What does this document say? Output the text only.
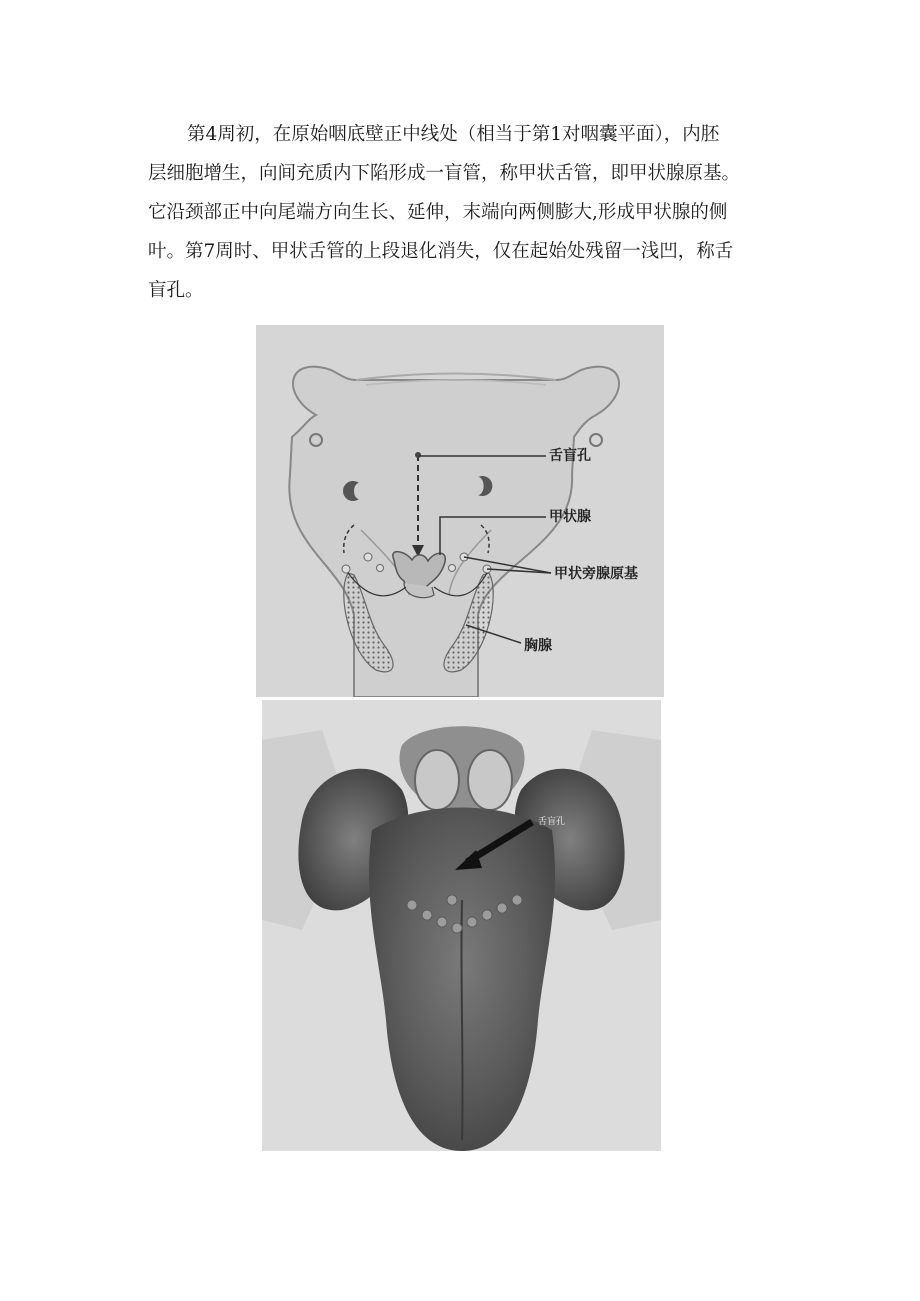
第4周初，在原始咽底壁正中线处（相当于第1对咽囊平面），内胚
层细胞增生，向间充质内下陷形成一盲管，称甲状舌管，即甲状腺原基。
它沿颈部正中向尾端方向生长、延伸，末端向两侧膨大,形成甲状腺的侧
叶。第7周时、甲状舌管的上段退化消失，仅在起始处残留一浅凹，称舌
盲孔。
舌盲孔
甲状腺
甲状旁腺原基
胸腺
舌盲孔
